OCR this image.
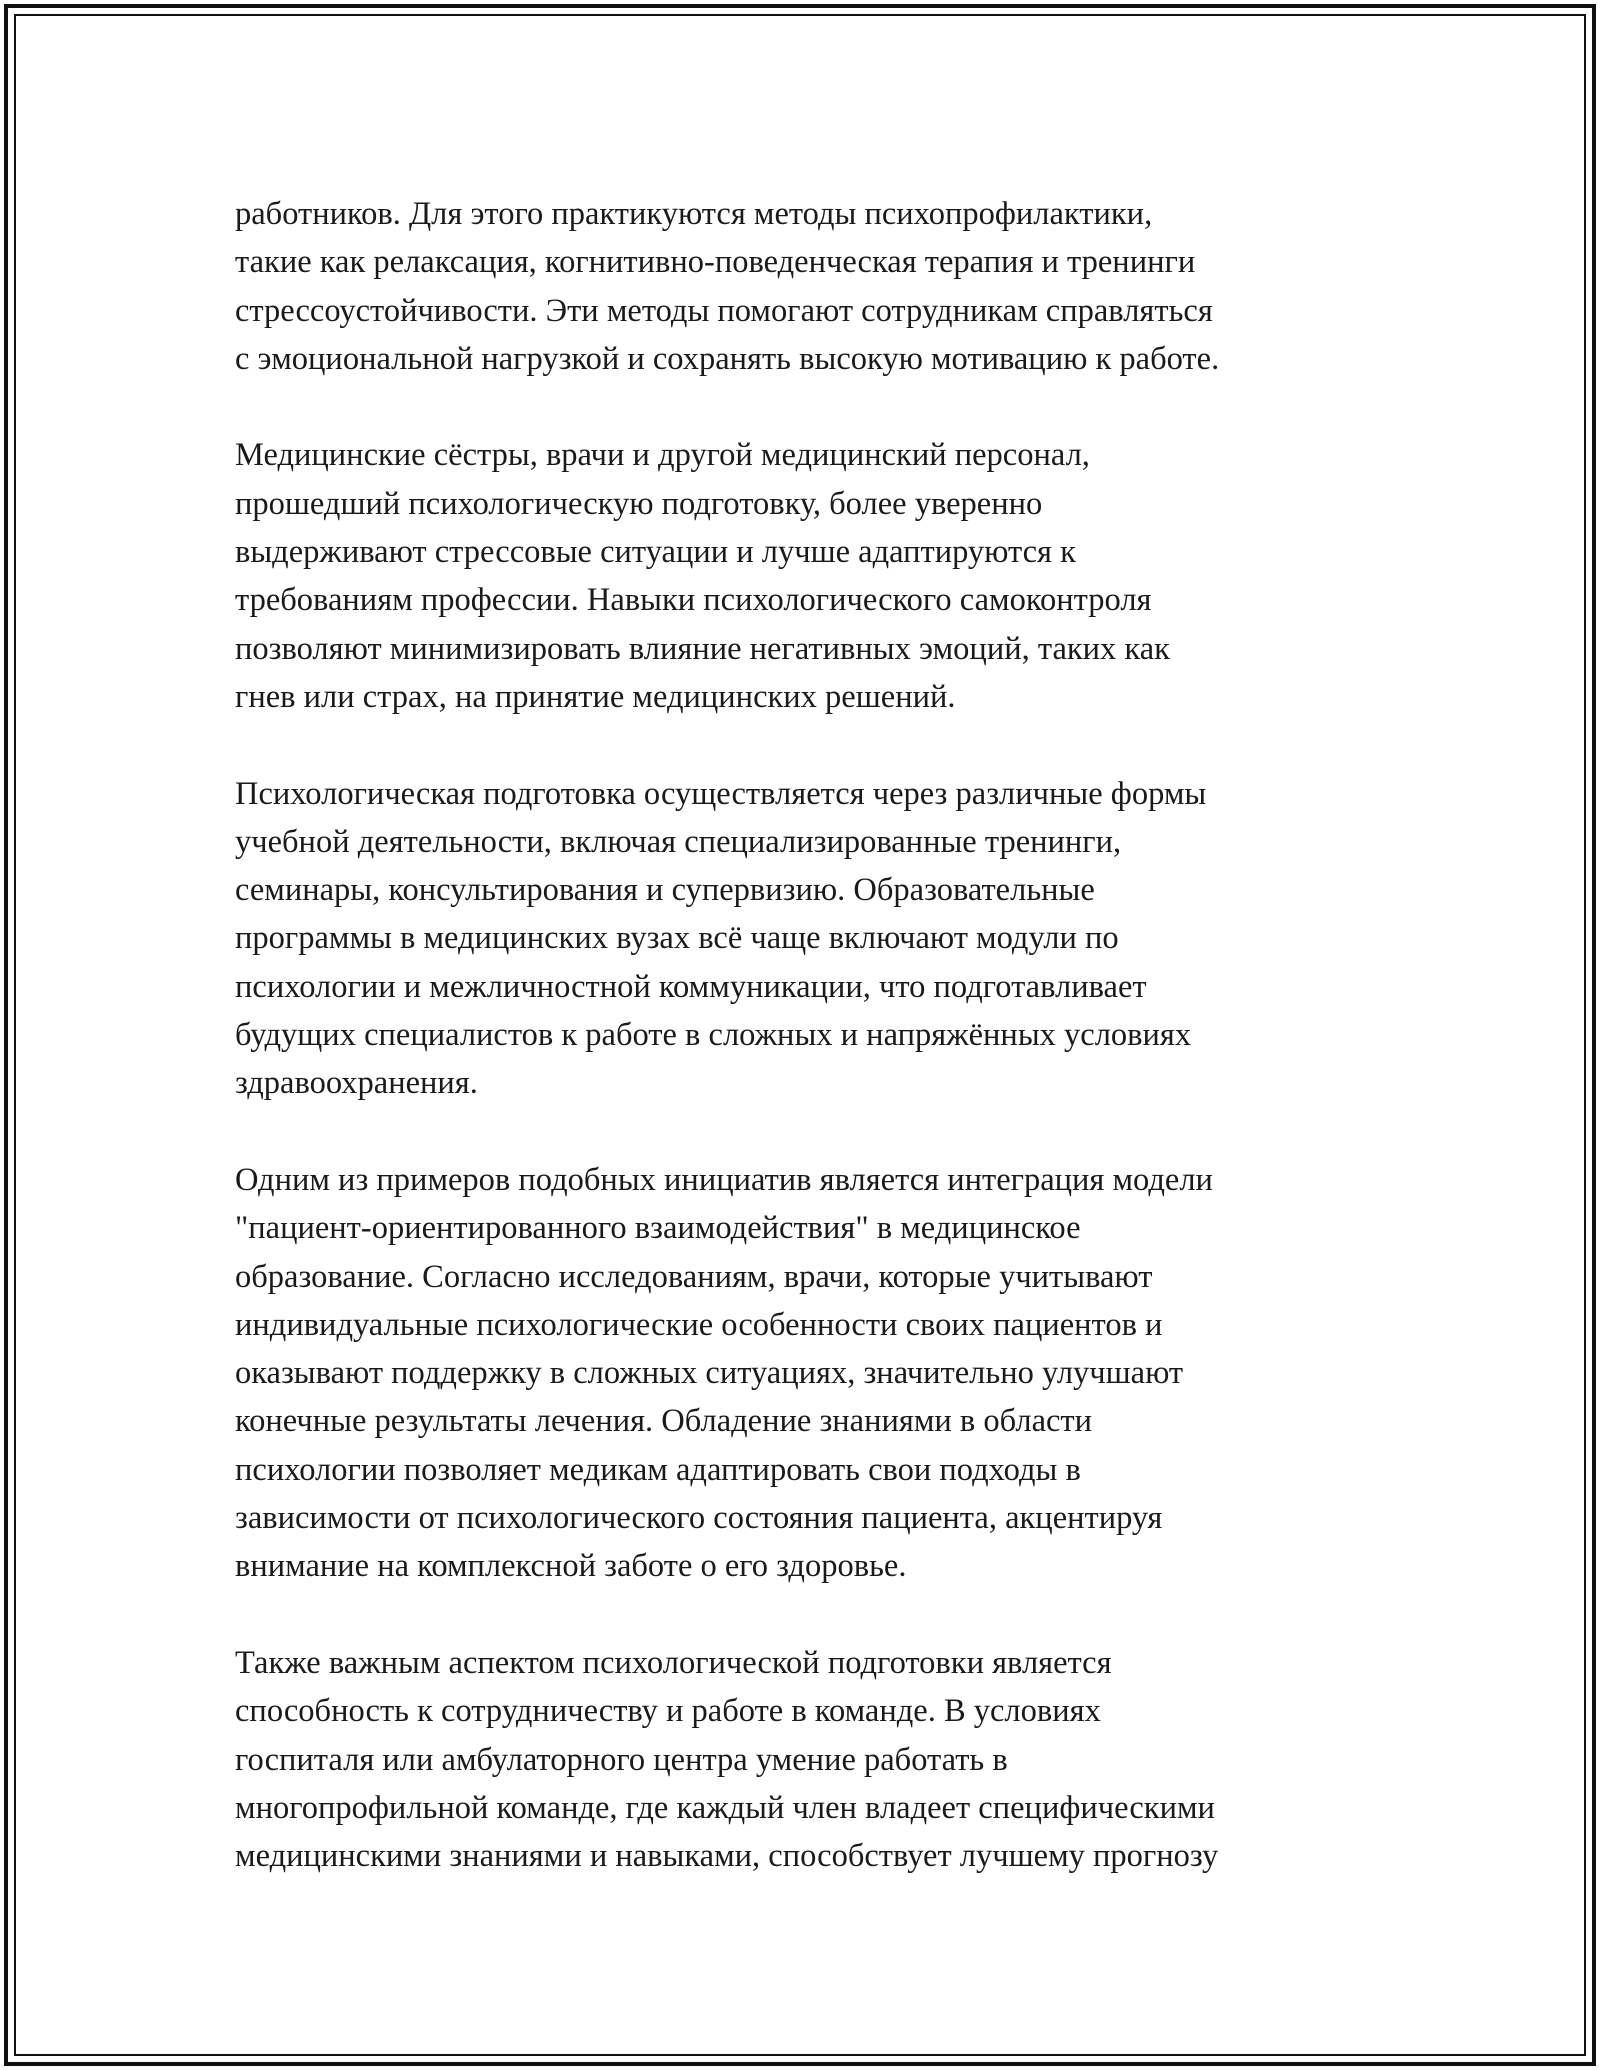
работников. Для этого практикуются методы психопрофилактики,
такие как релаксация, когнитивно-поведенческая терапия и тренинги
стрессоустойчивости. Эти методы помогают сотрудникам справляться
с эмоциональной нагрузкой и сохранять высокую мотивацию к работе.

Медицинские сёстры, врачи и другой медицинский персонал,
прошедший психологическую подготовку, более уверенно
выдерживают стрессовые ситуации и лучше адаптируются к
требованиям профессии. Навыки психологического самоконтроля
позволяют минимизировать влияние негативных эмоций, таких как
гнев или страх, на принятие медицинских решений.

Психологическая подготовка осуществляется через различные формы
учебной деятельности, включая специализированные тренинги,
семинары, консультирования и супервизию. Образовательные
программы в медицинских вузах всё чаще включают модули по
психологии и межличностной коммуникации, что подготавливает
будущих специалистов к работе в сложных и напряжённых условиях
здравоохранения.

Одним из примеров подобных инициатив является интеграция модели
"пациент-ориентированного взаимодействия" в медицинское
образование. Согласно исследованиям, врачи, которые учитывают
индивидуальные психологические особенности своих пациентов и
оказывают поддержку в сложных ситуациях, значительно улучшают
конечные результаты лечения. Обладение знаниями в области
психологии позволяет медикам адаптировать свои подходы в
зависимости от психологического состояния пациента, акцентируя
внимание на комплексной заботе о его здоровье.

Также важным аспектом психологической подготовки является
способность к сотрудничеству и работе в команде. В условиях
госпиталя или амбулаторного центра умение работать в
многопрофильной команде, где каждый член владеет специфическими
медицинскими знаниями и навыками, способствует лучшему прогнозу
